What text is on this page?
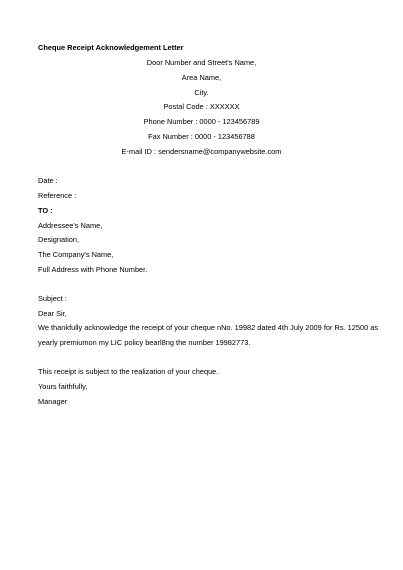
Cheque Receipt Acknowledgement Letter
Door Number and Street's Name,
Area Name,
City.
Postal Code : XXXXXX
Phone Number : 0000 - 123456789
Fax Number : 0000 - 123456788
E-mail ID : sendersname@companywebsite.com
Date :
Reference :
TO :
Addressee's Name,
Designation,
The Company's Name,
Full Address with Phone Number.
Subject :
Dear Sir,
We thankfully acknowledge the receipt of your cheque nNo. 19982 dated 4th July 2009 for Rs. 12500 as
yearly premiumon my LIC policy bearl8ng the number 19982773.
This receipt is subject to the realization of your cheque.
Yours faithfully,
Manager
